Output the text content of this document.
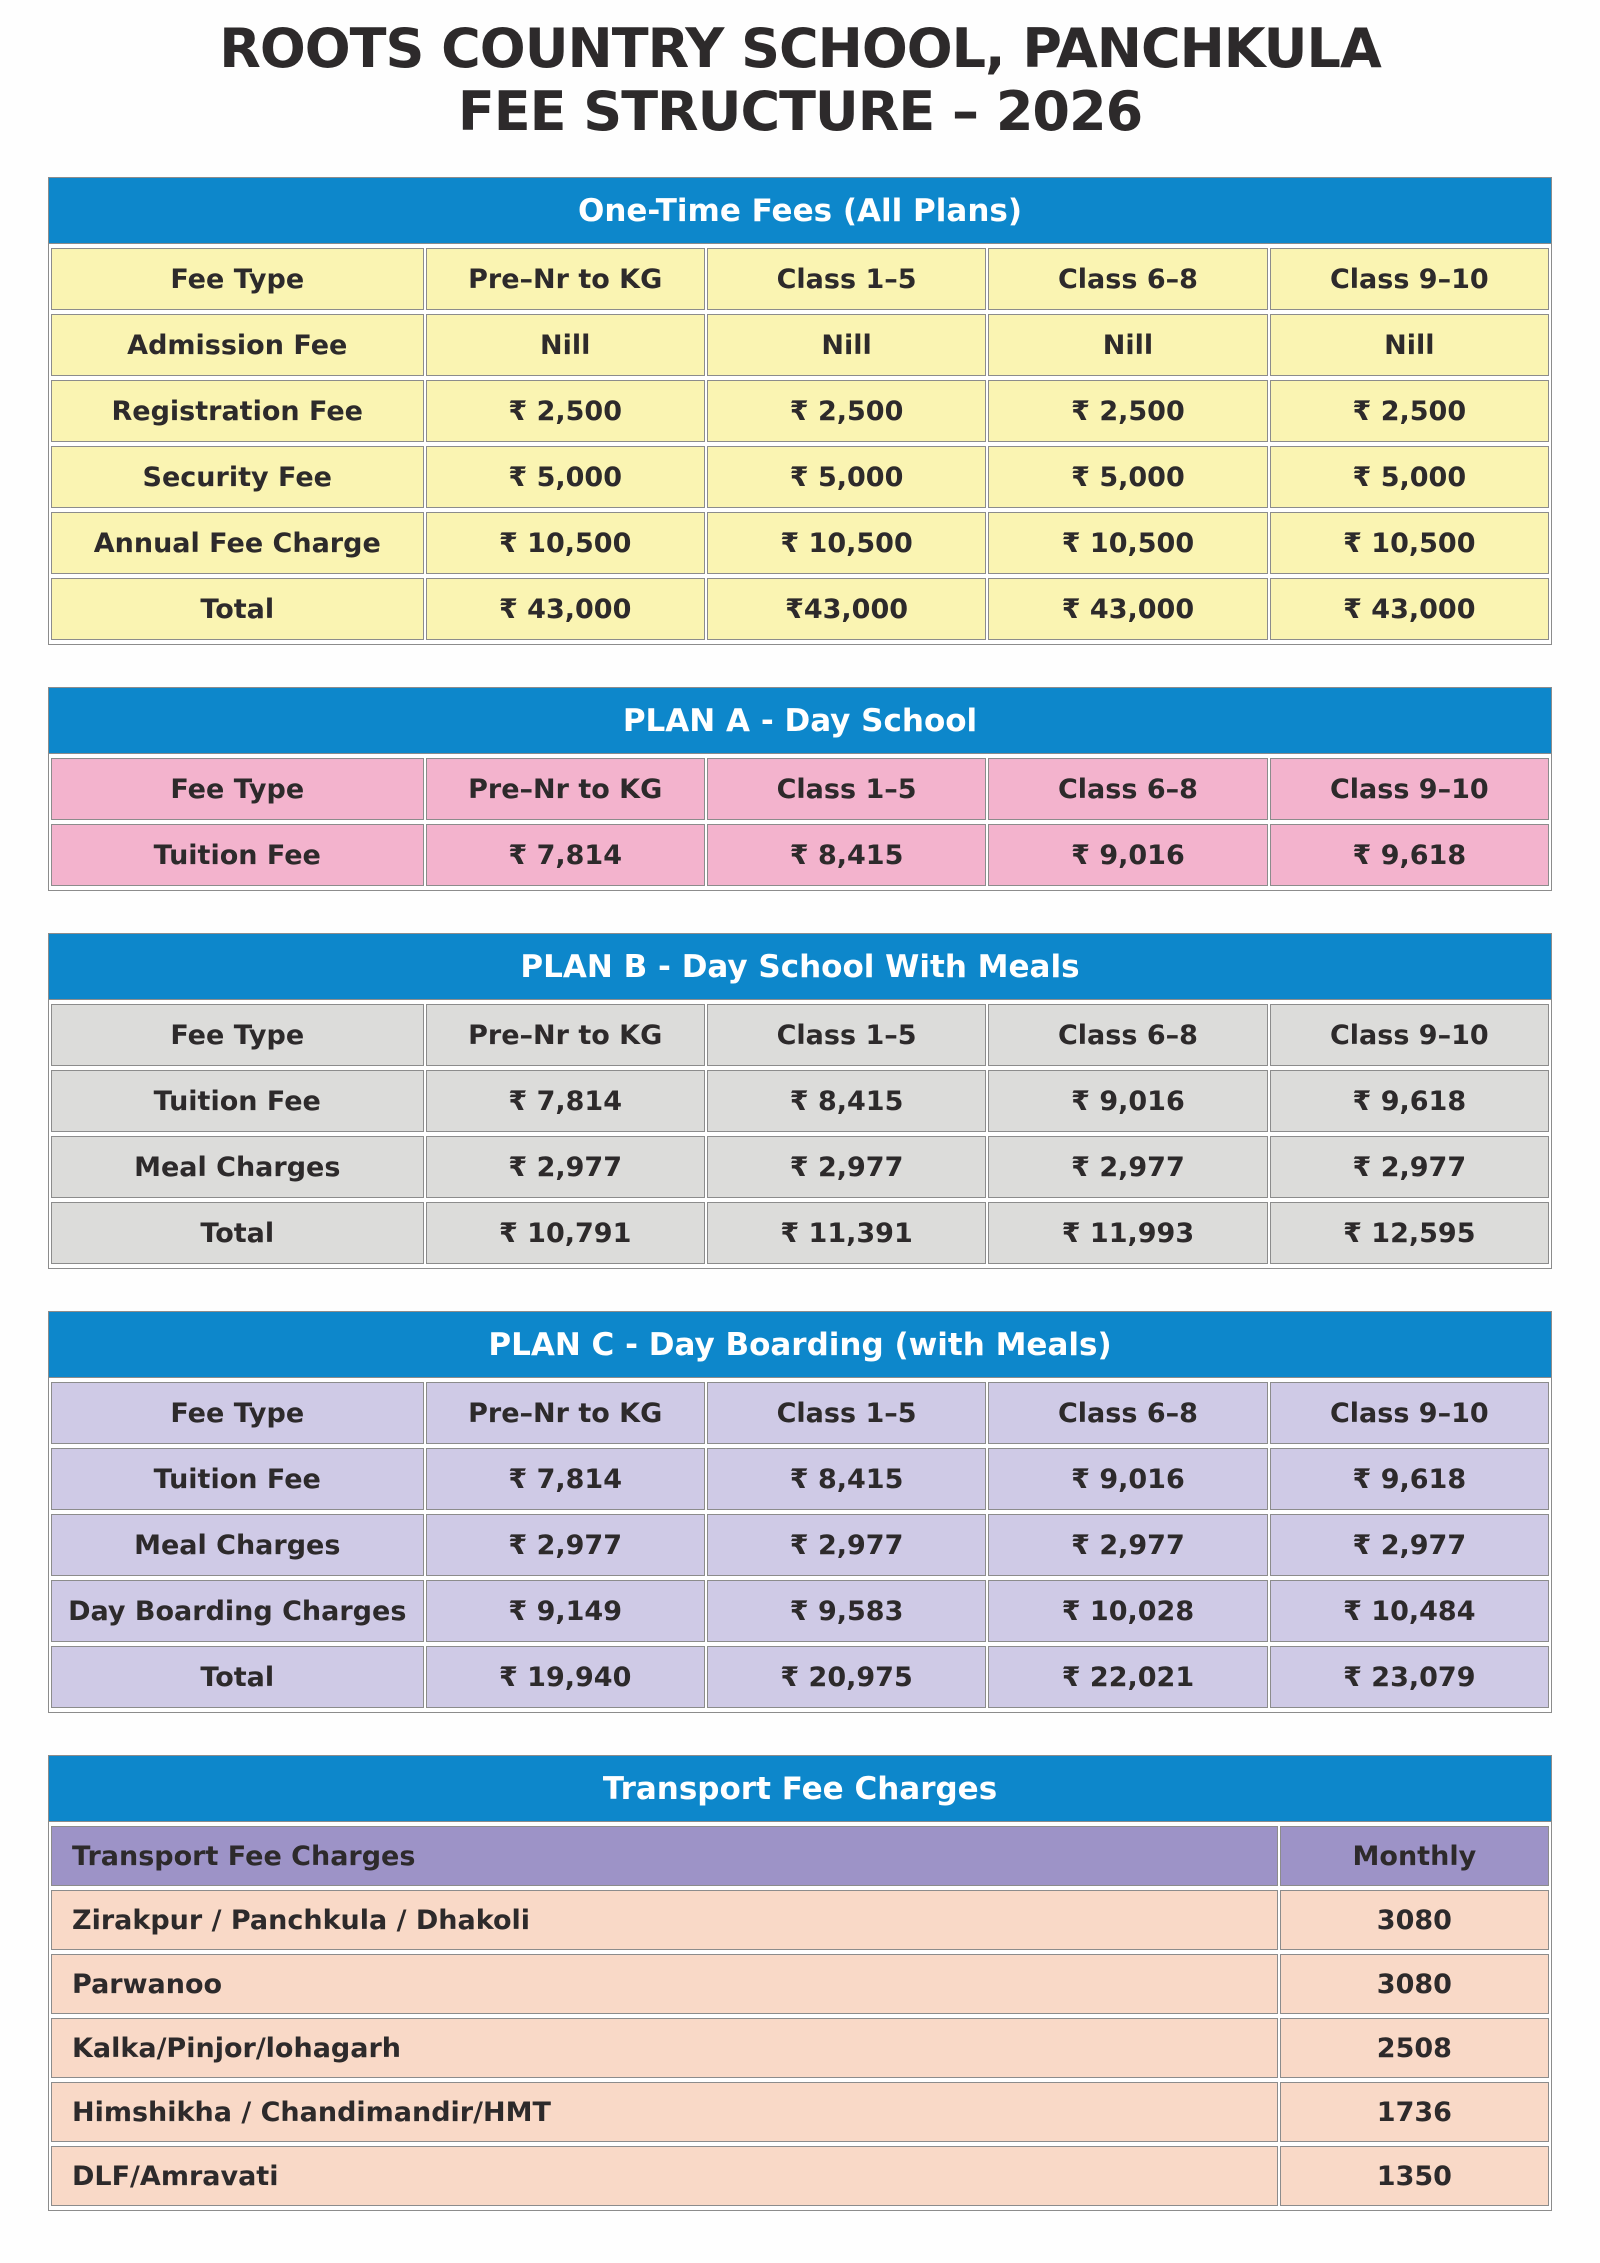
ROOTS COUNTRY SCHOOL, PANCHKULA
FEE STRUCTURE – 2026
One-Time Fees (All Plans)
Fee Type	Pre–Nr to KG	Class 1–5	Class 6–8	Class 9–10
Admission Fee	Nill	Nill	Nill	Nill
Registration Fee	₹ 2,500	₹ 2,500	₹ 2,500	₹ 2,500
Security Fee	₹ 5,000	₹ 5,000	₹ 5,000	₹ 5,000
Annual Fee Charge	₹ 10,500	₹ 10,500	₹ 10,500	₹ 10,500
Total	₹ 43,000	₹43,000	₹ 43,000	₹ 43,000
PLAN A - Day School
Fee Type	Pre–Nr to KG	Class 1–5	Class 6–8	Class 9–10
Tuition Fee	₹ 7,814	₹ 8,415	₹ 9,016	₹ 9,618
PLAN B - Day School With Meals
Fee Type	Pre–Nr to KG	Class 1–5	Class 6–8	Class 9–10
Tuition Fee	₹ 7,814	₹ 8,415	₹ 9,016	₹ 9,618
Meal Charges	₹ 2,977	₹ 2,977	₹ 2,977	₹ 2,977
Total	₹ 10,791	₹ 11,391	₹ 11,993	₹ 12,595
PLAN C - Day Boarding (with Meals)
Fee Type	Pre–Nr to KG	Class 1–5	Class 6–8	Class 9–10
Tuition Fee	₹ 7,814	₹ 8,415	₹ 9,016	₹ 9,618
Meal Charges	₹ 2,977	₹ 2,977	₹ 2,977	₹ 2,977
Day Boarding Charges	₹ 9,149	₹ 9,583	₹ 10,028	₹ 10,484
Total	₹ 19,940	₹ 20,975	₹ 22,021	₹ 23,079
Transport Fee Charges
Transport Fee Charges	Monthly
Zirakpur / Panchkula / Dhakoli	3080
Parwanoo	3080
Kalka/Pinjor/lohagarh	2508
Himshikha / Chandimandir/HMT	1736
DLF/Amravati	1350
